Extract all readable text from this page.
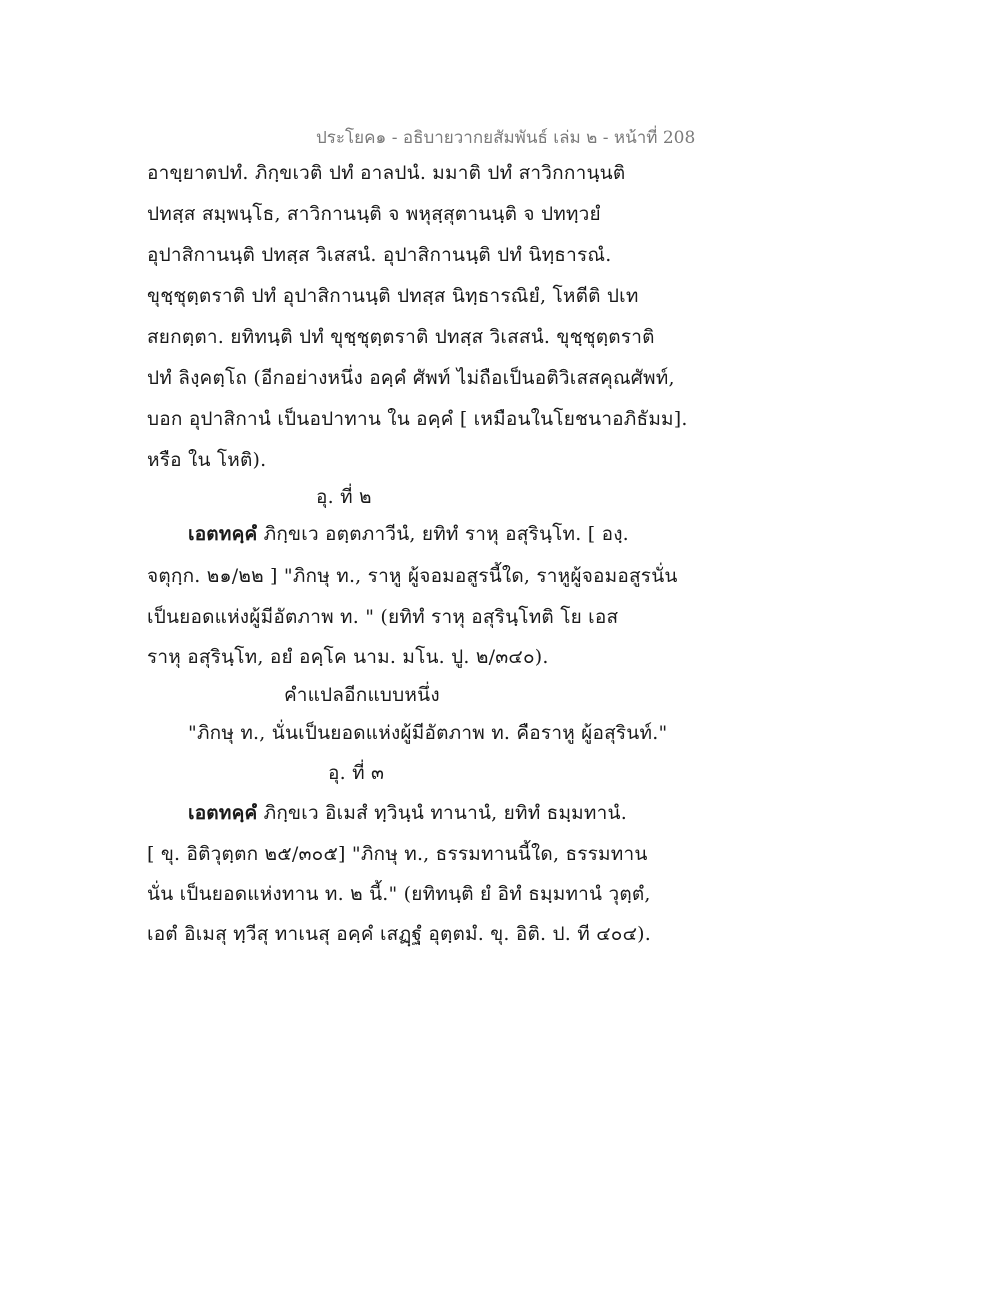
ประโยค๑ - อธิบายวากยสัมพันธ์ เล่ม ๒ - หน้าที่ 208
อาขฺยาตปทํ. ภิกฺขเวติ ปทํ อาลปนํ. มมาติ ปทํ สาวิกกานฺนติ
ปทสฺส สมฺพนฺโธ, สาวิกานนฺติ จ พหุสฺสุตานนฺติ จ ปททฺวยํ
อุปาสิกานนฺติ ปทสฺส วิเสสนํ. อุปาสิกานนฺติ ปทํ นิทฺธารณํ.
ขุชฺชุตฺตราติ ปทํ อุปาสิกานนฺติ ปทสฺส นิทฺธารณิยํ, โหตีติ ปเท
สยกตฺตา. ยทิทนฺติ ปทํ ขุชฺชุตฺตราติ ปทสฺส วิเสสนํ. ขุชฺชุตฺตราติ
ปทํ ลิงฺคตฺโถ (อีกอย่างหนึ่ง อคฺคํ ศัพท์ ไม่ถือเป็นอติวิเสสคุณศัพท์,
บอก อุปาสิกานํ เป็นอปาทาน ใน อคฺคํ [ เหมือนในโยชนาอภิธัมม].
หรือ ใน โหติ).
อุ. ที่ ๒
เอตทคฺคํ ภิกฺขเว อตฺตภาวีนํ, ยทิทํ ราหุ อสุรินฺโท. [ องฺ.
จตุกฺก. ๒๑/๒๒ ] "ภิกษุ ท., ราหู ผู้จอมอสูรนี้ใด, ราหูผู้จอมอสูรนั่น
เป็นยอดแห่งผู้มีอัตภาพ ท. " (ยทิทํ ราหุ อสุรินฺโทติ โย เอส
ราหุ อสุรินฺโท, อยํ อคฺโค นาม. มโน. ปู. ๒/๓๔๐).
คำแปลอีกแบบหนึ่ง
"ภิกษุ ท., นั่นเป็นยอดแห่งผู้มีอัตภาพ ท. คือราหู ผู้อสุรินท์."
อุ. ที่ ๓
เอตทคฺคํ ภิกฺขเว อิเมสํ ทฺวินฺนํ ทานานํ, ยทิทํ ธมฺมทานํ.
[ ขุ. อิติวุตฺตก ๒๕/๓๐๕] "ภิกษุ ท., ธรรมทานนี้ใด, ธรรมทาน
นั่น เป็นยอดแห่งทาน ท. ๒ นี้." (ยทิทนฺติ ยํ อิทํ ธมฺมทานํ วุตฺตํ,
เอตํ อิเมสุ ทฺวีสุ ทาเนสุ อคฺคํ เสฏฺฐํ อุตฺตมํ. ขุ. อิติ. ป. ที ๔๐๔).
